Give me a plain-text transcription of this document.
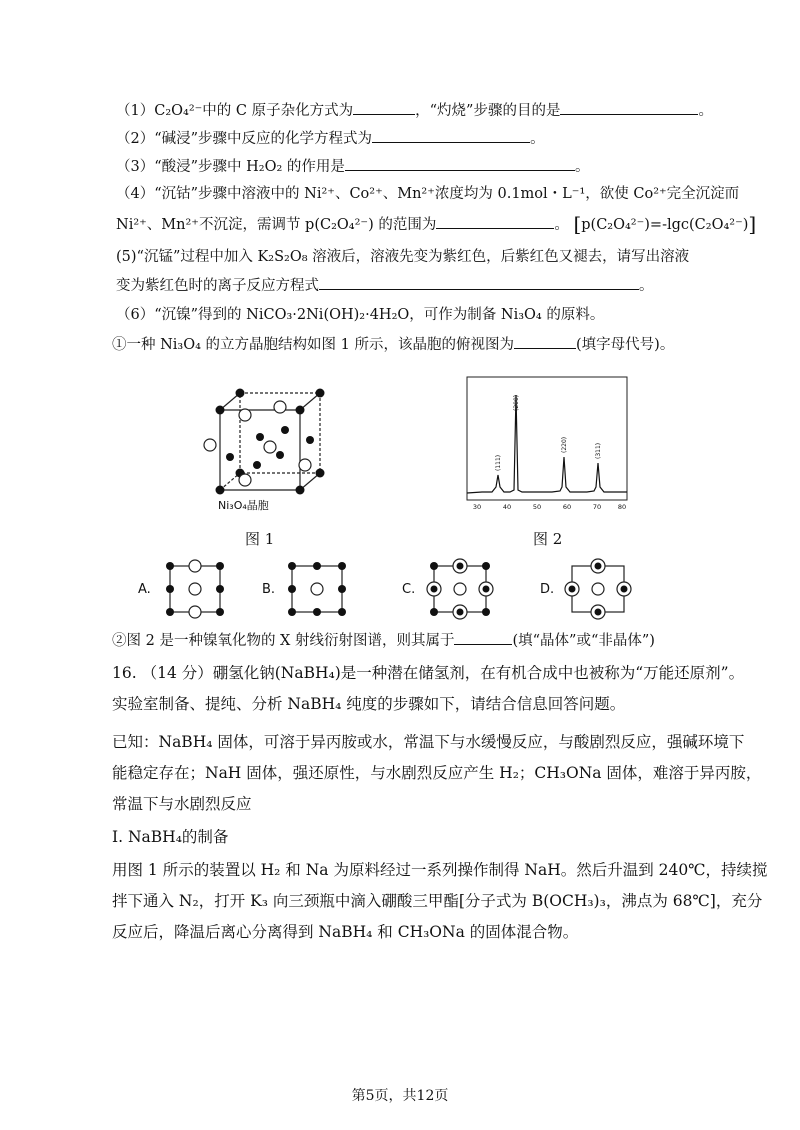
（1）C₂O₄²⁻中的 C 原子杂化方式为	，“灼烧”步骤的目的是	。
（2）“碱浸”步骤中反应的化学方程式为	。
（3）“酸浸”步骤中 H₂O₂ 的作用是	。
（4）“沉钴”步骤中溶液中的 Ni²⁺、Co²⁺、Mn²⁺浓度均为 0.1mol・L⁻¹，欲使 Co²⁺完全沉淀而
Ni²⁺、Mn²⁺不沉淀，需调节 p(C₂O₄²⁻) 的范围为	。 [p(C₂O₄²⁻)=-lgc(C₂O₄²⁻)]
(5)“沉锰”过程中加入 K₂S₂O₈ 溶液后，溶液先变为紫红色，后紫红色又褪去，请写出溶液
变为紫红色时的离子反应方程式	。
（6）“沉镍”得到的 NiCO₃·2Ni(OH)₂·4H₂O，可作为制备 Ni₃O₄ 的原料。
①一种 Ni₃O₄ 的立方晶胞结构如图 1 所示，该晶胞的俯视图为	(填字母代号)。
Ni₃O₄晶胞
图 1
(111)
(200)
(220)	(311)
30	40	50	60	70	80
图 2
A.	B.	C.	D.
②图 2 是一种镍氧化物的 X 射线衍射图谱，则其属于	(填“晶体”或“非晶体”)
16. （14 分）硼氢化钠(NaBH₄)是一种潜在储氢剂，在有机合成中也被称为“万能还原剂”。
实验室制备、提纯、分析 NaBH₄ 纯度的步骤如下，请结合信息回答问题。
已知：NaBH₄ 固体，可溶于异丙胺或水，常温下与水缓慢反应，与酸剧烈反应，强碱环境下
能稳定存在；NaH 固体，强还原性，与水剧烈反应产生 H₂；CH₃ONa 固体，难溶于异丙胺，
常温下与水剧烈反应
I. NaBH₄的制备
用图 1 所示的装置以 H₂ 和 Na 为原料经过一系列操作制得 NaH。然后升温到 240℃，持续搅
拌下通入 N₂，打开 K₃ 向三颈瓶中滴入硼酸三甲酯[分子式为 B(OCH₃)₃，沸点为 68℃]，充分
反应后，降温后离心分离得到 NaBH₄ 和 CH₃ONa 的固体混合物。
第5页，共12页
